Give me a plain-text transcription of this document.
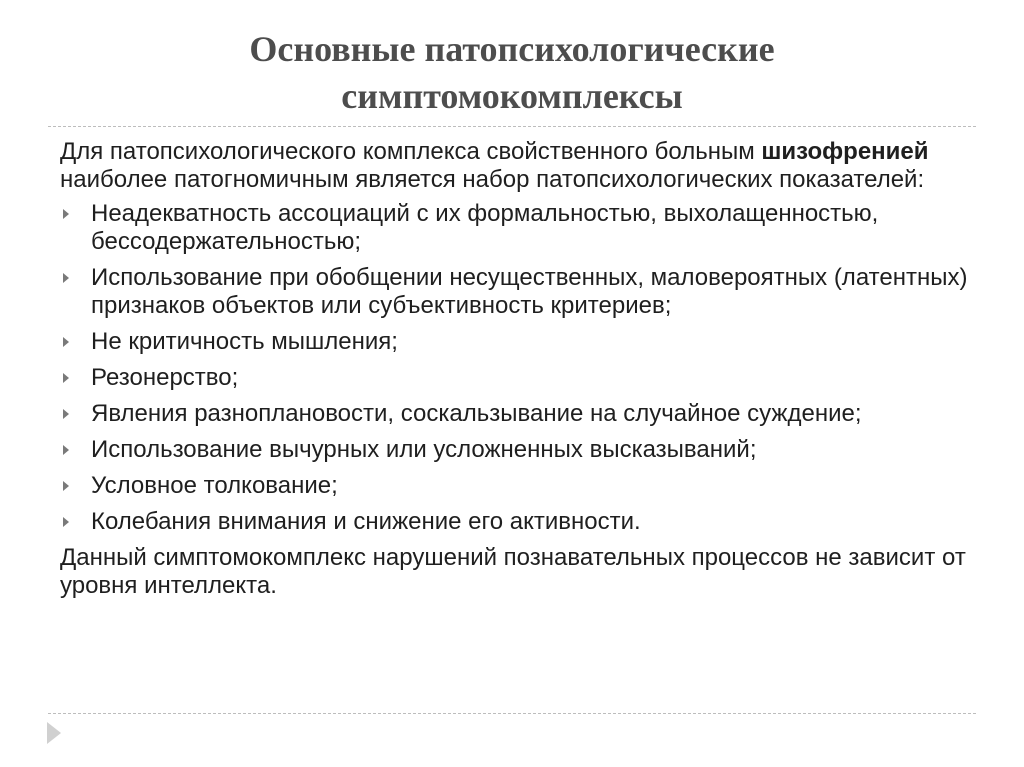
Основные патопсихологические
симптомокомплексы

Для патопсихологического комплекса свойственного больным шизофренией наиболее патогномичным является набор патопсихологических показателей:

Неадекватность ассоциаций с их формальностью, выхолащенностью, бессодержательностью;
Использование при обобщении несущественных, маловероятных (латентных) признаков объектов или субъективность критериев;
Не критичность мышления;
Резонерство;
Явления разноплановости, соскальзывание на случайное суждение;
Использование вычурных или усложненных высказываний;
Условное толкование;
Колебания внимания и снижение его активности.

Данный симптомокомплекс нарушений познавательных процессов не зависит от уровня интеллекта.
